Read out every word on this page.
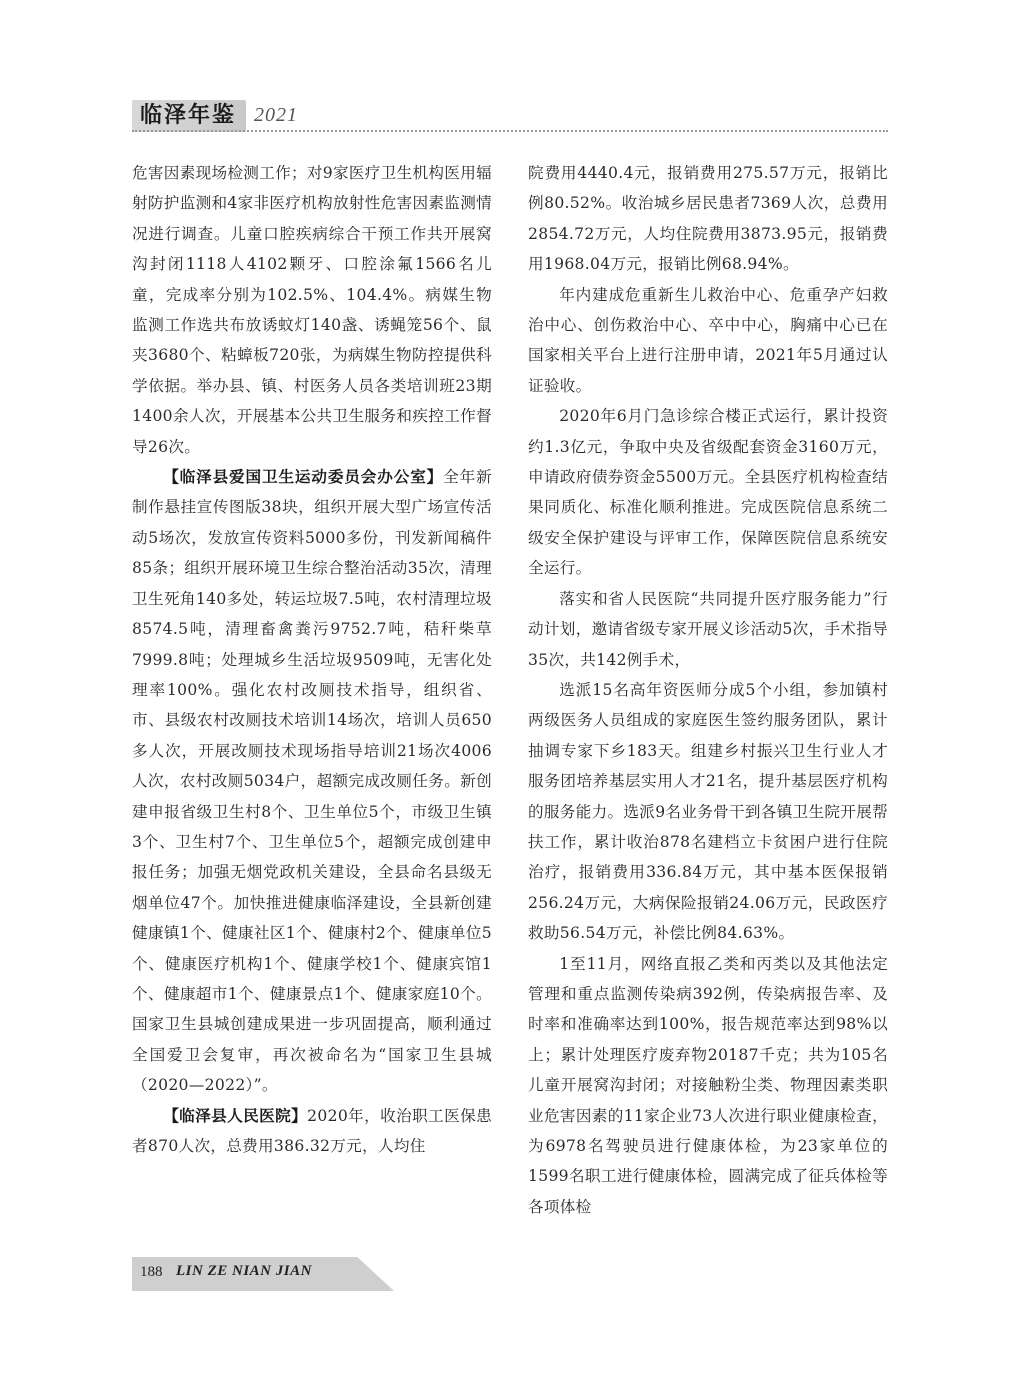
临泽年鉴 2021

危害因素现场检测工作；对9家医疗卫生机构医用辐射防护监测和4家非医疗机构放射性危害因素监测情况进行调查。儿童口腔疾病综合干预工作共开展窝沟封闭1118人4102颗牙、口腔涂氟1566名儿童，完成率分别为102.5%、104.4%。病媒生物监测工作选共布放诱蚊灯140盏、诱蝇笼56个、鼠夹3680个、粘蟑板720张，为病媒生物防控提供科学依据。举办县、镇、村医务人员各类培训班23期1400余人次，开展基本公共卫生服务和疾控工作督导26次。

【临泽县爱国卫生运动委员会办公室】全年新制作悬挂宣传图版38块，组织开展大型广场宣传活动5场次，发放宣传资料5000多份，刊发新闻稿件85条；组织开展环境卫生综合整治活动35次，清理卫生死角140多处，转运垃圾7.5吨，农村清理垃圾8574.5吨，清理畜禽粪污9752.7吨，秸秆柴草7999.8吨；处理城乡生活垃圾9509吨，无害化处理率100%。强化农村改厕技术指导，组织省、市、县级农村改厕技术培训14场次，培训人员650多人次，开展改厕技术现场指导培训21场次4006人次，农村改厕5034户，超额完成改厕任务。新创建申报省级卫生村8个、卫生单位5个，市级卫生镇3个、卫生村7个、卫生单位5个，超额完成创建申报任务；加强无烟党政机关建设，全县命名县级无烟单位47个。加快推进健康临泽建设，全县新创建健康镇1个、健康社区1个、健康村2个、健康单位5个、健康医疗机构1个、健康学校1个、健康宾馆1个、健康超市1个、健康景点1个、健康家庭10个。国家卫生县城创建成果进一步巩固提高，顺利通过全国爱卫会复审，再次被命名为“国家卫生县城（2020—2022）”。

【临泽县人民医院】2020年，收治职工医保患者870人次，总费用386.32万元，人均住

院费用4440.4元，报销费用275.57万元，报销比例80.52%。收治城乡居民患者7369人次，总费用2854.72万元，人均住院费用3873.95元，报销费用1968.04万元，报销比例68.94%。

年内建成危重新生儿救治中心、危重孕产妇救治中心、创伤救治中心、卒中中心，胸痛中心已在国家相关平台上进行注册申请，2021年5月通过认证验收。

2020年6月门急诊综合楼正式运行，累计投资约1.3亿元，争取中央及省级配套资金3160万元，申请政府债券资金5500万元。全县医疗机构检查结果同质化、标准化顺利推进。完成医院信息系统二级安全保护建设与评审工作，保障医院信息系统安全运行。

落实和省人民医院“共同提升医疗服务能力”行动计划，邀请省级专家开展义诊活动5次，手术指导35次，共142例手术，

选派15名高年资医师分成5个小组，参加镇村两级医务人员组成的家庭医生签约服务团队，累计抽调专家下乡183天。组建乡村振兴卫生行业人才服务团培养基层实用人才21名，提升基层医疗机构的服务能力。选派9名业务骨干到各镇卫生院开展帮扶工作，累计收治878名建档立卡贫困户进行住院治疗，报销费用336.84万元，其中基本医保报销256.24万元，大病保险报销24.06万元，民政医疗救助56.54万元，补偿比例84.63%。

1至11月，网络直报乙类和丙类以及其他法定管理和重点监测传染病392例，传染病报告率、及时率和准确率达到100%，报告规范率达到98%以上；累计处理医疗废弃物20187千克；共为105名儿童开展窝沟封闭；对接触粉尘类、物理因素类职业危害因素的11家企业73人次进行职业健康检查，为6978名驾驶员进行健康体检，为23家单位的1599名职工进行健康体检，圆满完成了征兵体检等各项体检

188 LIN ZE NIAN JIAN
